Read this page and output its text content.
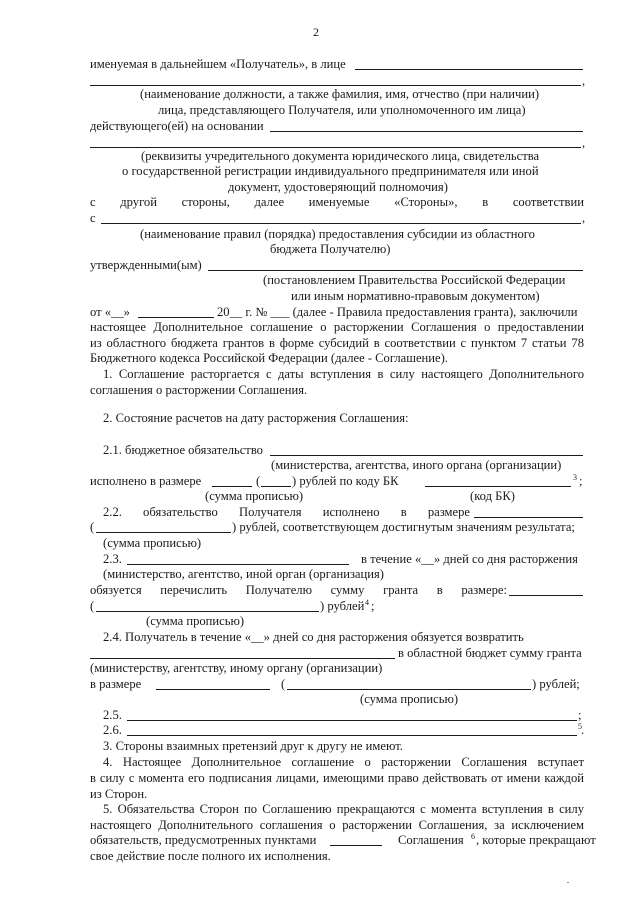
2
именуемая в дальнейшем «Получатель», в лице
,
(наименование должности, а также фамилия, имя, отчество (при наличии)
лица, представляющего Получателя, или уполномоченного им лица)
действующего(ей) на основании
,
(реквизиты учредительного документа юридического лица, свидетельства
о государственной регистрации индивидуального предпринимателя или иной
документ, удостоверяющий полномочия)
с другой стороны, далее именуемые «Стороны», в соответствии
с	,
(наименование правил (порядка) предоставления субсидии из областного
бюджета Получателю)
утвержденными(ым)
(постановлением Правительства Российской Федерации
или иным нормативно-правовым документом)
от «__»	20__ г. № ___ (далее - Правила предоставления гранта), заключили
настоящее Дополнительное соглашение о расторжении Соглашения о предоставлении
из областного бюджета грантов в форме субсидий в соответствии с пунктом 7 статьи 78
Бюджетного кодекса Российской Федерации (далее - Соглашение).
1. Соглашение расторгается с даты вступления в силу настоящего Дополнительного
соглашения о расторжении Соглашения.
2. Состояние расчетов на дату расторжения Соглашения:
2.1. бюджетное обязательство
(министерства, агентства, иного органа (организации)
исполнено в размере	(	) рублей по коду БК	3 ;
(сумма прописью)	(код БК)
2.2. обязательство Получателя исполнено в размере
(	) рублей, соответствующем достигнутым значениям результата;
(сумма прописью)
2.3.	в течение «__» дней со дня расторжения
(министерство, агентство, иной орган (организация)
обязуется перечислить Получателю сумму гранта в размере:
(	) рублей 4 ;
(сумма прописью)
2.4. Получатель в течение «__» дней со дня расторжения обязуется возвратить
в областной бюджет сумму гранта
(министерству, агентству, иному органу (организации)
в размере	(	) рублей;
(сумма прописью)
2.5.	;
2.6.	5 .
3. Стороны взаимных претензий друг к другу не имеют.
4. Настоящее Дополнительное соглашение о расторжении Соглашения вступает
в силу с момента его подписания лицами, имеющими право действовать от имени каждой
из Сторон.
5. Обязательства Сторон по Соглашению прекращаются с момента вступления в силу
настоящего Дополнительного соглашения о расторжении Соглашения, за исключением
обязательств, предусмотренных пунктами	Соглашения 6 , которые прекращают
свое действие после полного их исполнения.
